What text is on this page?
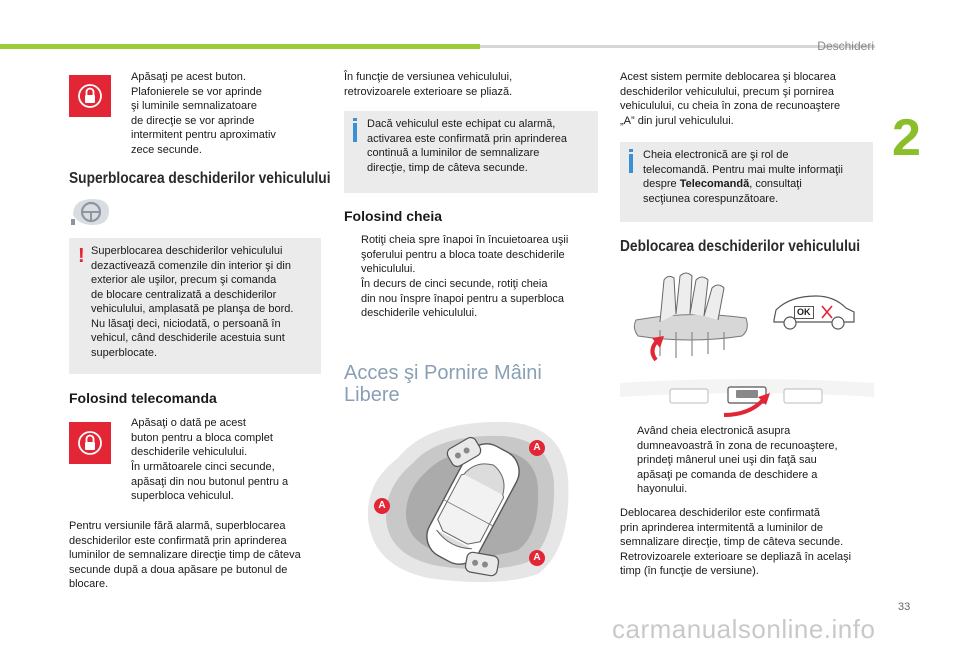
Deschideri
2
Apăsaţi pe acest buton.
Plafonierele se vor aprinde
şi luminile semnalizatoare
de direcţie se vor aprinde
intermitent pentru aproximativ
zece secunde.
Superblocarea deschiderilor vehiculului
! Superblocarea deschiderilor vehiculului
dezactivează comenzile din interior şi din
exterior ale uşilor, precum şi comanda
de blocare centralizată a deschiderilor
vehiculului, amplasată pe planşa de bord.
Nu lăsaţi deci, niciodată, o persoană în
vehicul, când deschiderile acestuia sunt
superblocate.
Folosind telecomanda
Apăsaţi o dată pe acest
buton pentru a bloca complet
deschiderile vehiculului.
În următoarele cinci secunde,
apăsaţi din nou butonul pentru a
superbloca vehiculul.
Pentru versiunile fără alarmă, superblocarea
deschiderilor este confirmată prin aprinderea
luminilor de semnalizare direcţie timp de câteva
secunde după a doua apăsare pe butonul de
blocare.
În funcţie de versiunea vehiculului,
retrovizoarele exterioare se pliază.
Dacă vehiculul este echipat cu alarmă,
activarea este confirmată prin aprinderea
continuă a luminilor de semnalizare
direcţie, timp de câteva secunde.
Folosind cheia
Rotiţi cheia spre înapoi în încuietoarea uşii
şoferului pentru a bloca toate deschiderile
vehiculului.
În decurs de cinci secunde, rotiţi cheia
din nou înspre înapoi pentru a superbloca
deschiderile vehiculului.
Acces şi Pornire Mâini
Libere
A
A
A
Acest sistem permite deblocarea şi blocarea
deschiderilor vehiculului, precum şi pornirea
vehiculului, cu cheia în zona de recunoaştere
„A” din jurul vehiculului.
Cheia electronică are şi rol de
telecomandă. Pentru mai multe informaţii
despre Telecomandă, consultaţi
secţiunea corespunzătoare.
Deblocarea deschiderilor vehiculului
OK
Având cheia electronică asupra
dumneavoastră în zona de recunoaştere,
prindeţi mânerul unei uşi din faţă sau
apăsaţi pe comanda de deschidere a
hayonului.
Deblocarea deschiderilor este confirmată
prin aprinderea intermitentă a luminilor de
semnalizare direcţie, timp de câteva secunde.
Retrovizoarele exterioare se depliază în acelaşi
timp (în funcţie de versiune).
33
carmanualsonline.info
